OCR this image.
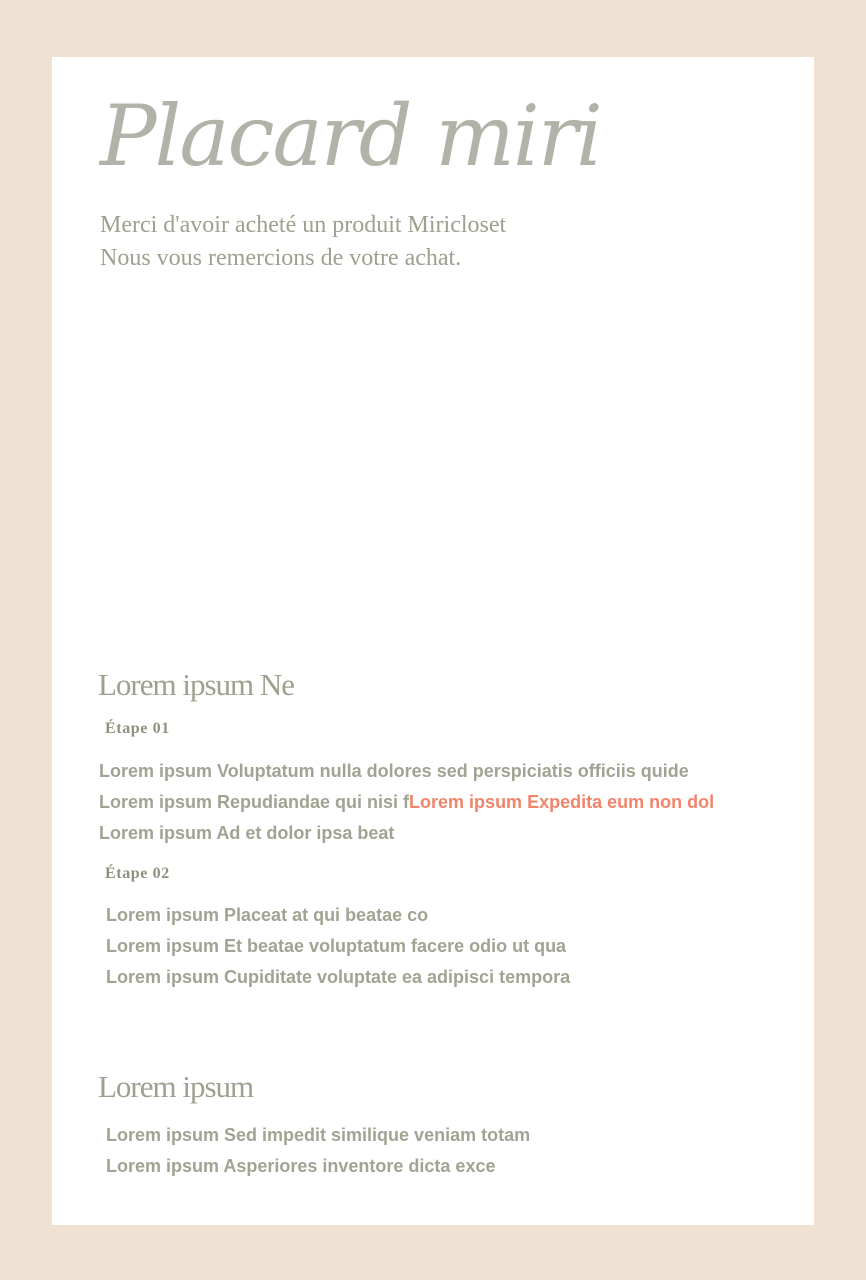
Placard miri
Merci d'avoir acheté un produit Miricloset
Nous vous remercions de votre achat.
Lorem ipsum Ne
Étape 01
Lorem ipsum Voluptatum nulla dolores sed perspiciatis officiis quide
Lorem ipsum Repudiandae qui nisi fLorem ipsum Expedita eum non dol
Lorem ipsum Ad et dolor ipsa beat
Étape 02
Lorem ipsum Placeat at qui beatae co
Lorem ipsum Et beatae voluptatum facere odio ut qua
Lorem ipsum Cupiditate voluptate ea adipisci tempora
Lorem ipsum
Lorem ipsum Sed impedit similique veniam totam
Lorem ipsum Asperiores inventore dicta exce
